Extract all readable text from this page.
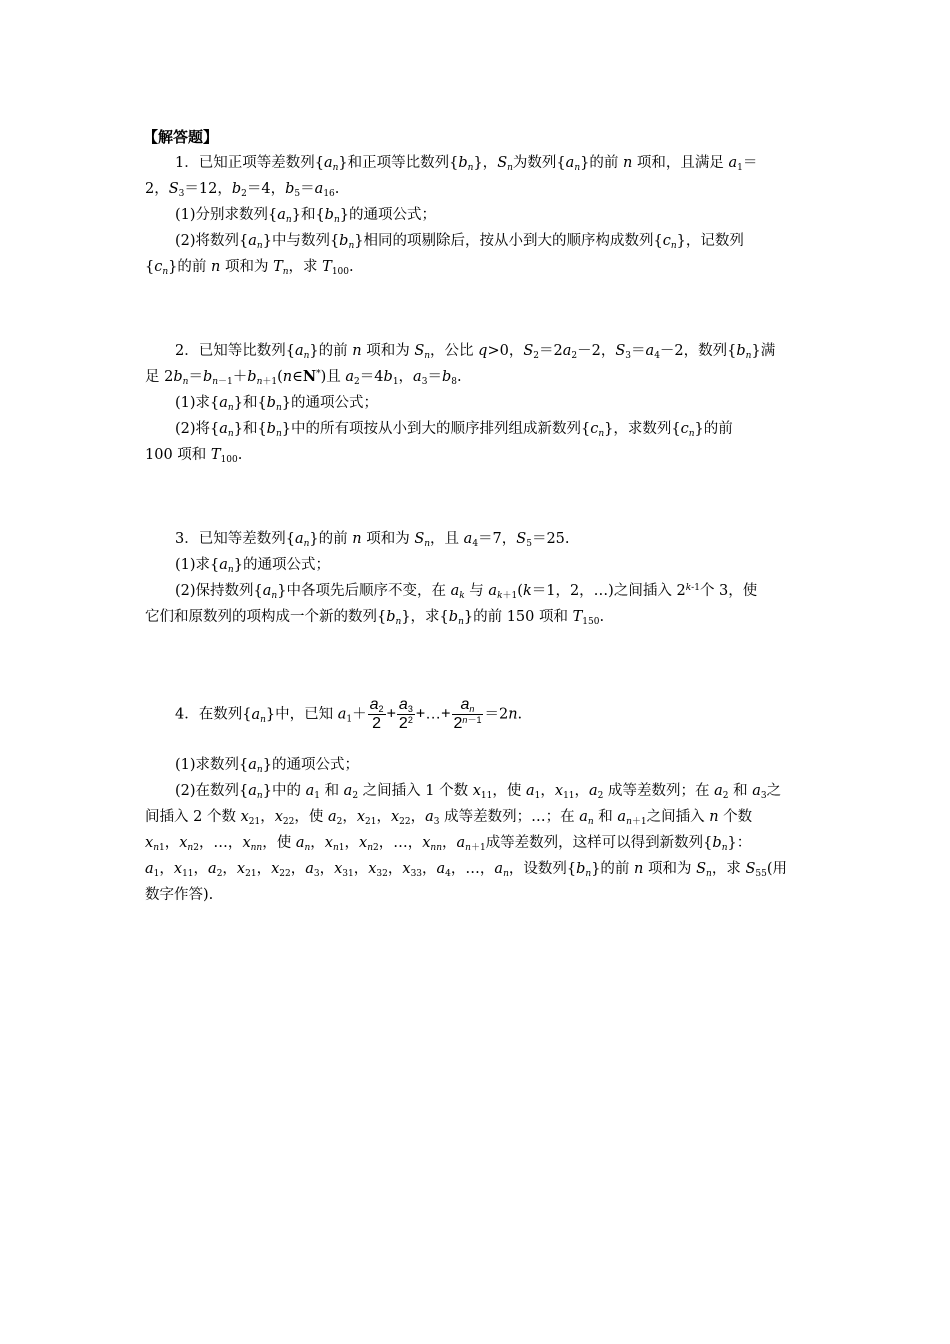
【解答题】
1．已知正项等差数列$\{a_n\}$和正项等比数列$\{b_n\}$，$S_n$为数列$\{a_n\}$的前 n 项和，且满足 $a_1=$
2，$S_3=12$，$b_2=4$，$b_5=a_{16}$.
(1)分别求数列$\{a_n\}$和$\{b_n\}$的通项公式；
(2)将数列$\{a_n\}$中与数列$\{b_n\}$相同的项剔除后，按从小到大的顺序构成数列$\{c_n\}$，记数列
$\{c_n\}$的前 n 项和为 $T_n$，求 $T_{100}$.
2．已知等比数列$\{a_n\}$的前 n 项和为 $S_n$，公比 q>0，$S_2=2a_2-2$，$S_3=a_4-2$，数列$\{b_n\}$满
足 $2b_n=b_{n-1}+b_{n+1}(n\in N^*)$且 $a_2=4b_1$，$a_3=b_8$.
(1)求$\{a_n\}$和$\{b_n\}$的通项公式；
(2)将$\{a_n\}$和$\{b_n\}$中的所有项按从小到大的顺序排列组成新数列$\{c_n\}$，求数列$\{c_n\}$的前
100 项和 $T_{100}$.
3．已知等差数列$\{a_n\}$的前 n 项和为 $S_n$，且 $a_4=7$，$S_5=25$.
(1)求$\{a_n\}$的通项公式；
(2)保持数列$\{a_n\}$中各项先后顺序不变，在 $a_k$ 与 $a_{k+1}(k=1$，2，…)之间插入 2$^{k-1}$个 3，使
它们和原数列的项构成一个新的数列$\{b_n\}$，求$\{b_n\}$的前 150 项和 $T_{150}$.
4．在数列$\{a_n\}$中，已知 $a_1+ \frac{a_2}{2} + \frac{a_3}{2^2}$ +…+ $\frac{a_n}{2^{n-1}} =2n$.
(1)求数列$\{a_n\}$的通项公式；
(2)在数列$\{a_n\}$中的 $a_1$ 和 $a_2$ 之间插入 1 个数 $x_{11}$，使 $a_1$，$x_{11}$，$a_2$ 成等差数列；在 $a_2$ 和 $a_3$之
间插入 2 个数 $x_{21}$，$x_{22}$，使 $a_2$，$x_{21}$，$x_{22}$，$a_3$ 成等差数列；…；在 $a_n$ 和 $a_{n+1}$之间插入 n 个数
$x_{n1}$，$x_{n2}$，…，$x_{nn}$，使 $a_n$，$x_{n1}$，$x_{n2}$，…，$x_{nn}$，$a_{n+1}$成等差数列，这样可以得到新数列$\{b_n\}$：
$a_1$，$x_{11}$，$a_2$，$x_{21}$，$x_{22}$，$a_3$，$x_{31}$，$x_{32}$，$x_{33}$，$a_4$，…，$a_n$，设数列$\{b_n\}$的前 n 项和为 $S_n$，求 $S_{55}$(用
数字作答).
